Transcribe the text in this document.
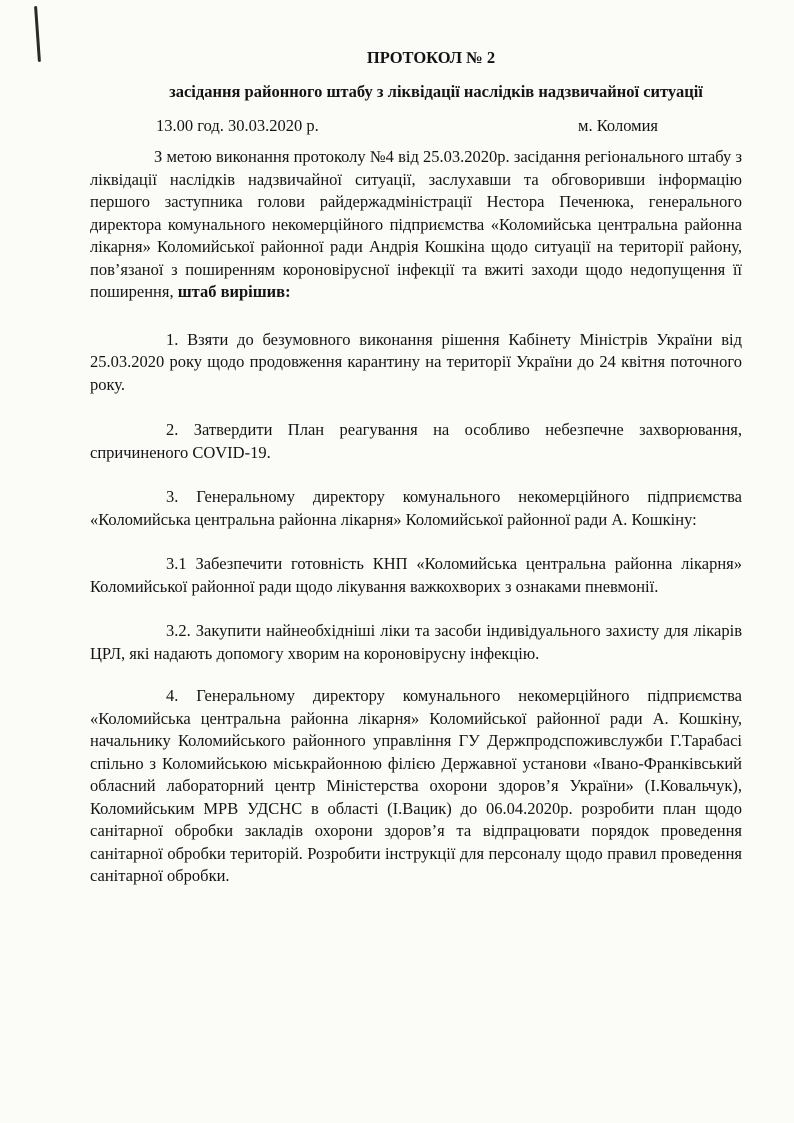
ПРОТОКОЛ № 2
засідання районного штабу з ліквідації наслідків надзвичайної ситуації
13.00 год. 30.03.2020 р.	м. Коломия

З метою виконання протоколу №4 від 25.03.2020р. засідання регіонального штабу з ліквідації наслідків надзвичайної ситуації, заслухавши та обговоривши інформацію першого заступника голови райдержадміністрації Нестора Печенюка, генерального директора комунального некомерційного підприємства «Коломийська центральна районна лікарня» Коломийської районної ради Андрія Кошкіна щодо ситуації на території району, пов’язаної з поширенням короновірусної інфекції та вжиті заходи щодо недопущення її поширення, штаб вирішив:

1. Взяти до безумовного виконання рішення Кабінету Міністрів України від 25.03.2020 року щодо продовження карантину на території України до 24 квітня поточного року.

2. Затвердити План реагування на особливо небезпечне захворювання, спричиненого COVID-19.

3. Генеральному директору комунального некомерційного підприємства «Коломийська центральна районна лікарня» Коломийської районної ради А. Кошкіну:

3.1 Забезпечити готовність КНП «Коломийська центральна районна лікарня» Коломийської районної ради щодо лікування важкохворих з ознаками пневмонії.

3.2. Закупити найнеобхідніші ліки та засоби індивідуального захисту для лікарів ЦРЛ, які надають допомогу хворим на короновірусну інфекцію.

4. Генеральному директору комунального некомерційного підприємства «Коломийська центральна районна лікарня» Коломийської районної ради А. Кошкіну, начальнику Коломийського районного управління ГУ Держпродспоживслужби Г.Тарабасі спільно з Коломийською міськрайонною філією Державної установи «Івано-Франківський обласний лабораторний центр Міністерства охорони здоров’я України» (І.Ковальчук), Коломийським МРВ УДСНС в області (І.Вацик) до 06.04.2020р. розробити план щодо санітарної обробки закладів охорони здоров’я та відпрацювати порядок проведення санітарної обробки територій. Розробити інструкції для персоналу щодо правил проведення санітарної обробки.
